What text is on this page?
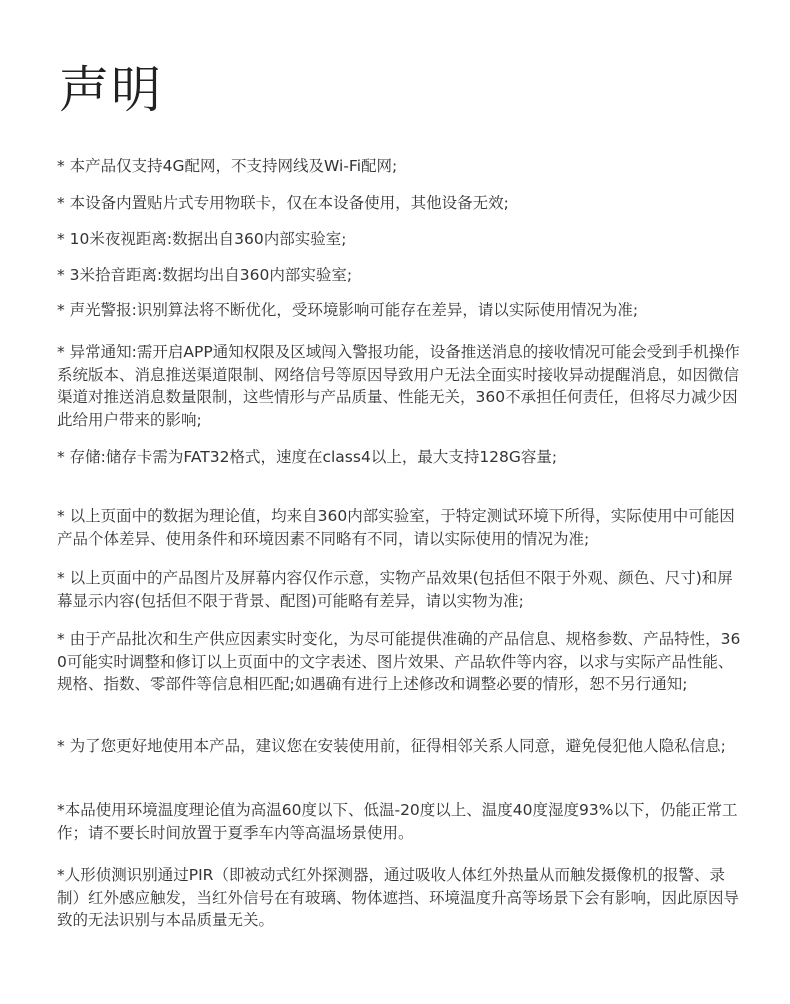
声明

* 本产品仅支持4G配网，不支持网线及Wi-Fi配网;

* 本设备内置贴片式专用物联卡，仅在本设备使用，其他设备无效;

* 10米夜视距离:数据出自360内部实验室;

* 3米拾音距离:数据均出自360内部实验室;

* 声光警报:识别算法将不断优化，受环境影响可能存在差异，请以实际使用情况为准;

* 异常通知:需开启APP通知权限及区域闯入警报功能，设备推送消息的接收情况可能会受到手机操作系统版本、消息推送渠道限制、网络信号等原因导致用户无法全面实时接收异动提醒消息，如因微信渠道对推送消息数量限制，这些情形与产品质量、性能无关，360不承担任何责任，但将尽力减少因此给用户带来的影响;

* 存储:储存卡需为FAT32格式，速度在class4以上，最大支持128G容量;

* 以上页面中的数据为理论值，均来自360内部实验室，于特定测试环境下所得，实际使用中可能因产品个体差异、使用条件和环境因素不同略有不同，请以实际使用的情况为准;

* 以上页面中的产品图片及屏幕内容仅作示意，实物产品效果(包括但不限于外观、颜色、尺寸)和屏幕显示内容(包括但不限于背景、配图)可能略有差异，请以实物为准;

* 由于产品批次和生产供应因素实时变化，为尽可能提供准确的产品信息、规格参数、产品特性，360可能实时调整和修订以上页面中的文字表述、图片效果、产品软件等内容，以求与实际产品性能、规格、指数、零部件等信息相匹配;如遇确有进行上述修改和调整必要的情形，恕不另行通知;

* 为了您更好地使用本产品，建议您在安装使用前，征得相邻关系人同意，避免侵犯他人隐私信息;

*本品使用环境温度理论值为高温60度以下、低温-20度以上、温度40度湿度93%以下，仍能正常工作；请不要长时间放置于夏季车内等高温场景使用。

*人形侦测识别通过PIR（即被动式红外探测器，通过吸收人体红外热量从而触发摄像机的报警、录制）红外感应触发，当红外信号在有玻璃、物体遮挡、环境温度升高等场景下会有影响，因此原因导致的无法识别与本品质量无关。
